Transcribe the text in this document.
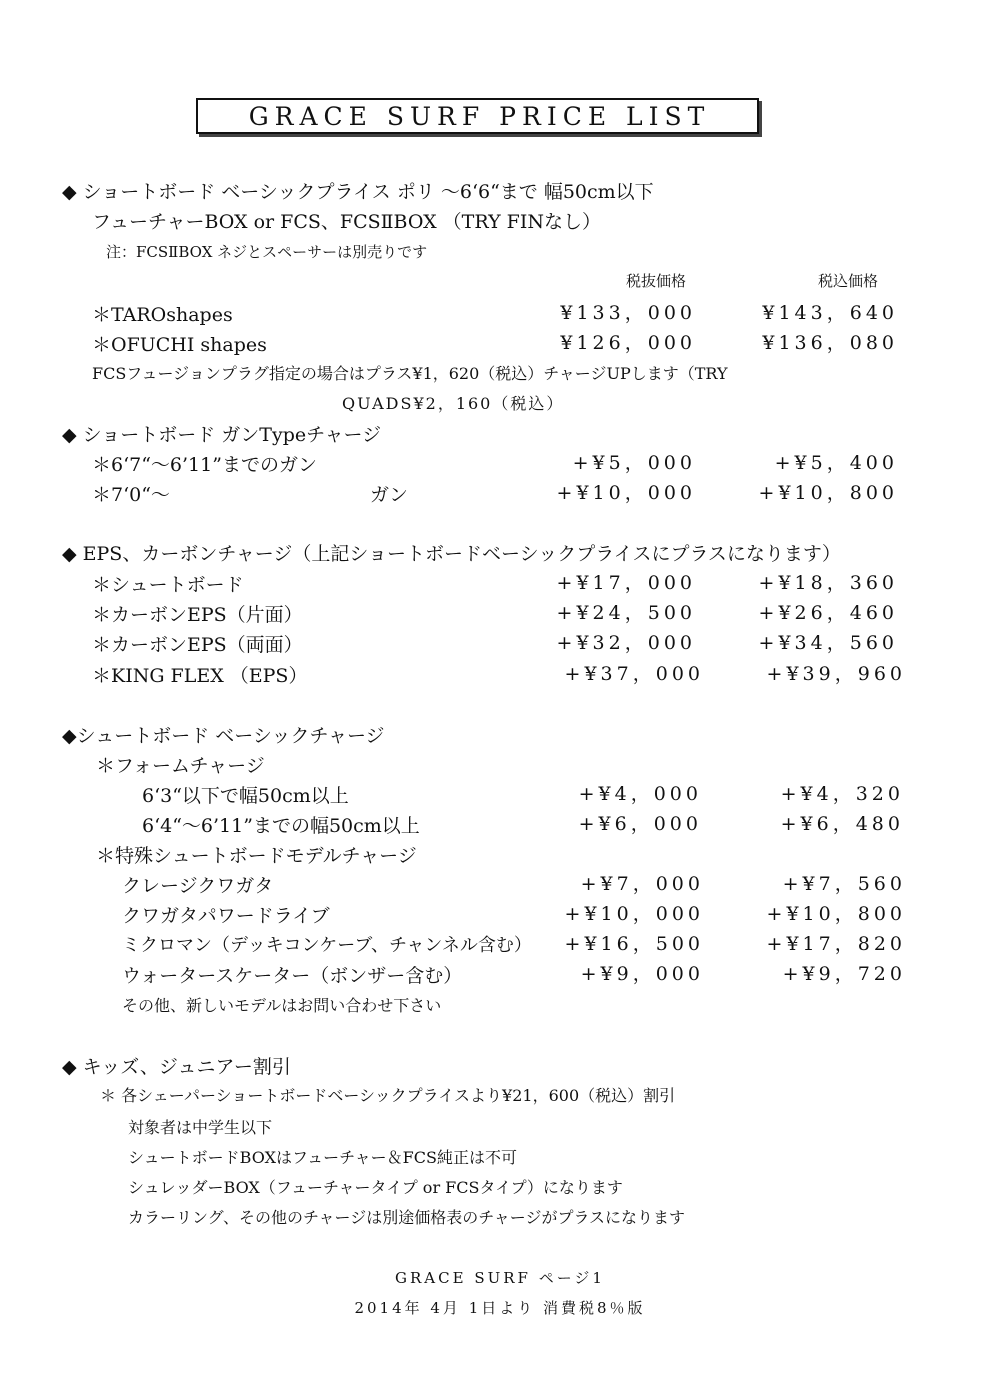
GRACE SURF PRICE LIST
◆ ショートボード ベーシックプライス ポリ ～6‘6“まで 幅50cm以下
フューチャーBOX or FCS、FCSⅡBOX （TRY FINなし）
注：FCSⅡBOX ネジとスペーサーは別売りです
税抜価格	税込価格
＊TAROshapes	¥133，000	¥143，640
＊OFUCHI shapes	¥126，000	¥136，080
FCSフュージョンプラグ指定の場合はプラス¥1，620（税込）チャージUPします（TRY
QUADS¥2，160（税込）
◆ ショートボード ガンTypeチャージ
＊6‘7“～6’11”までのガン	+¥5，000	+¥5，400
＊7‘0“～	ガン	+¥10，000	+¥10，800
◆ EPS、カーボンチャージ（上記ショートボードベーシックプライスにプラスになります）
＊シュートボード	+¥17，000	+¥18，360
＊カーボンEPS（片面）	+¥24，500	+¥26，460
＊カーボンEPS（両面）	+¥32，000	+¥34，560
＊KING FLEX （EPS）	+¥37，000	+¥39，960
◆シュートボード ベーシックチャージ
＊フォームチャージ
6‘3“以下で幅50cm以上	+¥4，000	+¥4，320
6‘4“～6’11”までの幅50cm以上	+¥6，000	+¥6，480
＊特殊シュートボードモデルチャージ
クレージクワガタ	+¥7，000	+¥7，560
クワガタパワードライブ	+¥10，000	+¥10，800
ミクロマン（デッキコンケーブ、チャンネル含む）	+¥16，500	+¥17，820
ウォータースケーター（ボンザー含む）	+¥9，000	+¥9，720
その他、新しいモデルはお問い合わせ下さい
◆ キッズ、ジュニアー割引
＊ 各シェーパーショートボードベーシックプライスより¥21，600（税込）割引
対象者は中学生以下
シュートボードBOXはフューチャー＆FCS純正は不可
シュレッダーBOX（フューチャータイプ or FCSタイプ）になります
カラーリング、その他のチャージは別途価格表のチャージがプラスになります
GRACE SURF ページ1
2014年 4月 1日より 消費税8％版
